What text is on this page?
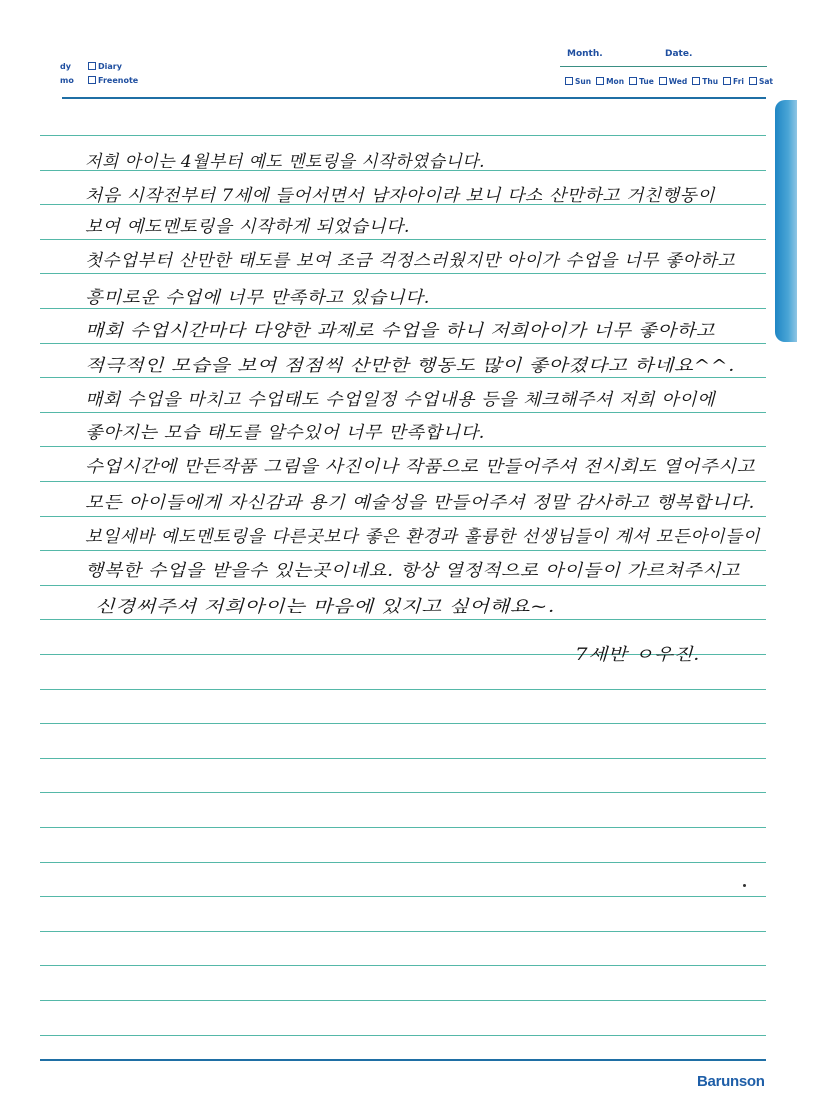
dy	Diary
mo	Freenote
Month.	Date.
Sun	Mon	Tue	Wed	Thu	Fri	Sat
저희 아이는 4월부터 예도 멘토링을 시작하였습니다.
처음 시작전부터 7세에 들어서면서 남자아이라 보니 다소 산만하고 거친행동이
보여 예도멘토링을 시작하게 되었습니다.
첫수업부터 산만한 태도를 보여 조금 걱정스러웠지만 아이가 수업을 너무 좋아하고
흥미로운 수업에 너무 만족하고 있습니다.
매회 수업시간마다 다양한 과제로 수업을 하니 저희아이가 너무 좋아하고
적극적인 모습을 보여 점점씩 산만한 행동도 많이 좋아졌다고 하네요^^.
매회 수업을 마치고 수업태도 수업일정 수업내용 등을 체크해주셔 저희 아이에
좋아지는 모습 태도를 알수있어 너무 만족합니다.
수업시간에 만든작품 그림을 사진이나 작품으로 만들어주셔 전시회도 열어주시고
모든 아이들에게 자신감과 용기 예술성을 만들어주셔 정말 감사하고 행복합니다.
보일세바 예도멘토링을 다른곳보다 좋은 환경과 훌륭한 선생님들이 계셔 모든아이들이
행복한 수업을 받을수 있는곳이네요. 항상 열정적으로 아이들이 가르쳐주시고
신경써주셔 저희아이는 마음에 있지고 싶어해요~.
7세반 ㅇ우진.
Barunson
